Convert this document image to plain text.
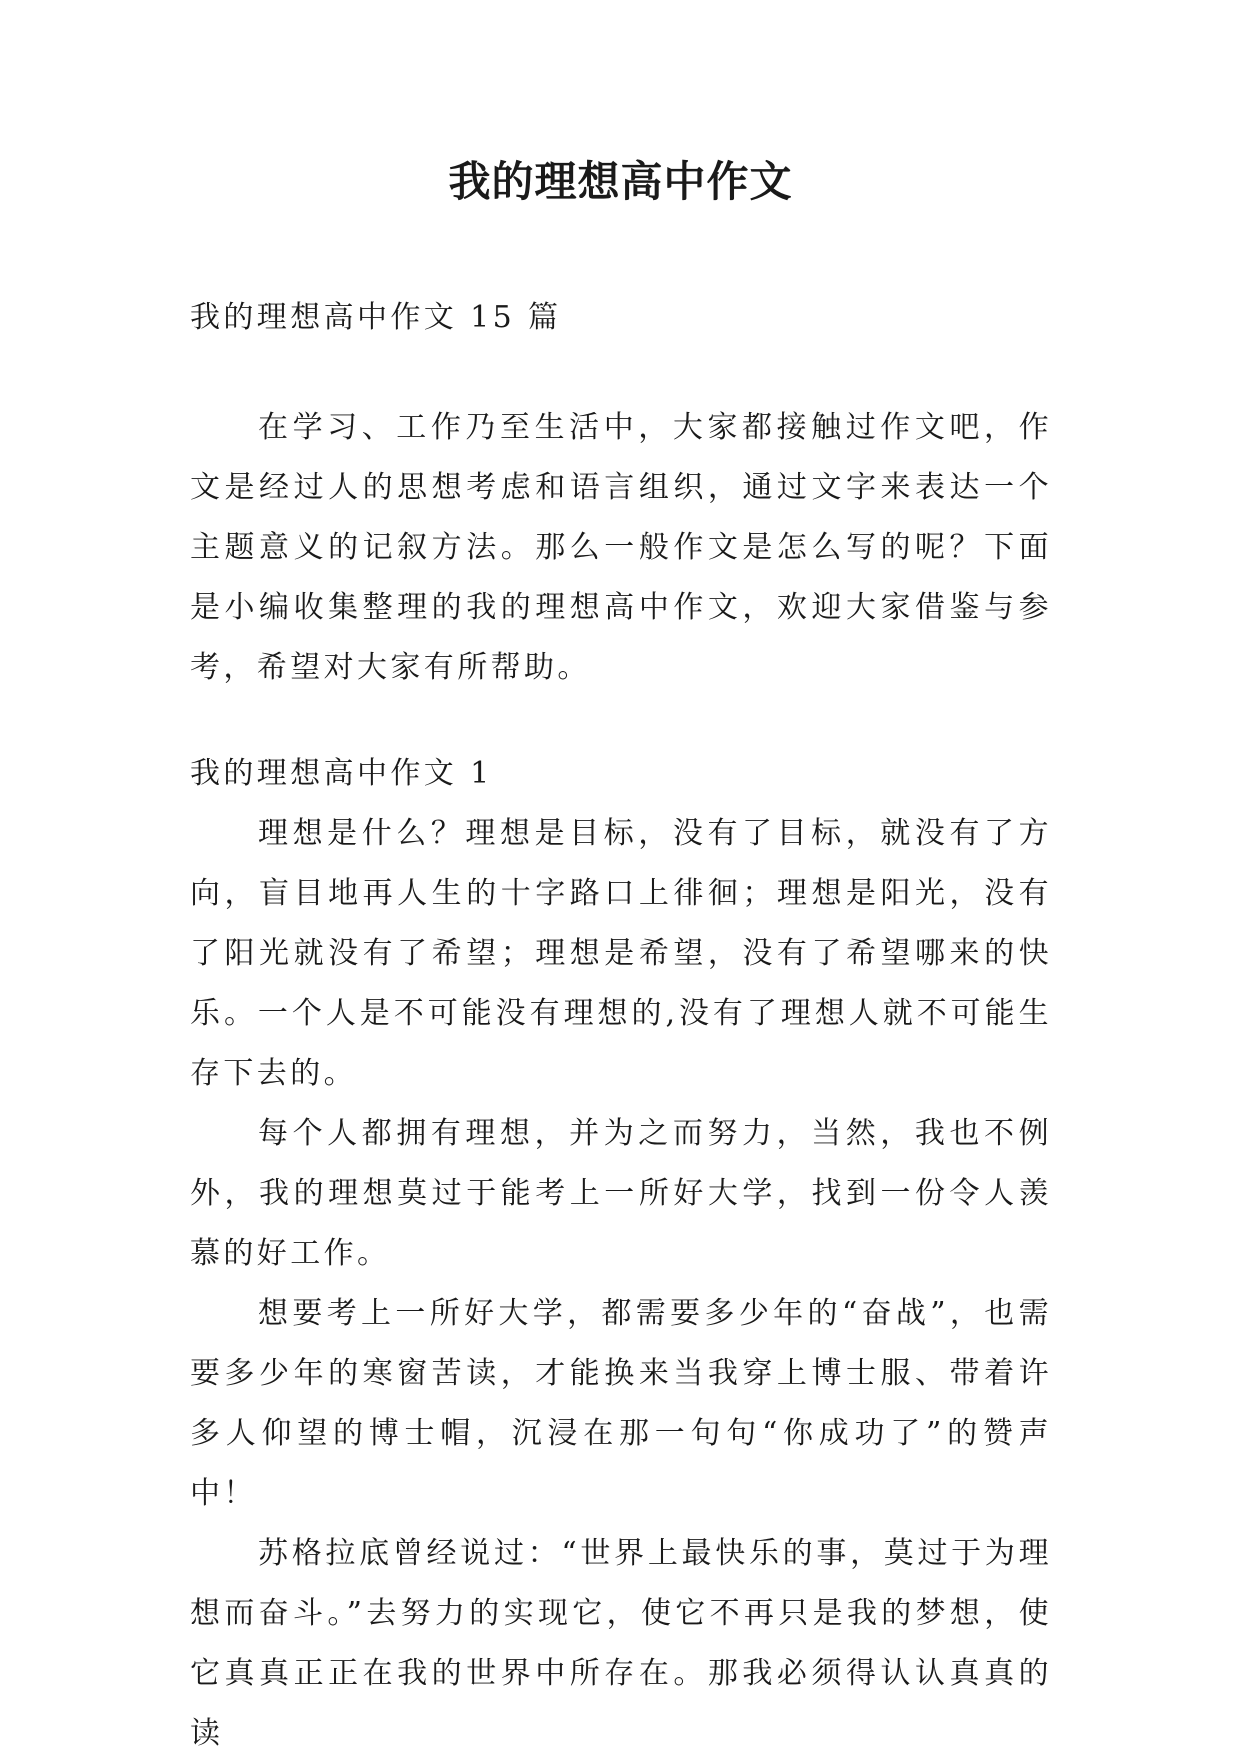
我的理想高中作文

我的理想高中作文 15 篇

在学习、工作乃至生活中，大家都接触过作文吧，作文是经过人的思想考虑和语言组织，通过文字来表达一个主题意义的记叙方法。那么一般作文是怎么写的呢？下面是小编收集整理的我的理想高中作文，欢迎大家借鉴与参考，希望对大家有所帮助。

我的理想高中作文 1

理想是什么？理想是目标，没有了目标，就没有了方向，盲目地再人生的十字路口上徘徊；理想是阳光，没有了阳光就没有了希望；理想是希望，没有了希望哪来的快乐。一个人是不可能没有理想的,没有了理想人就不可能生存下去的。

每个人都拥有理想，并为之而努力，当然，我也不例外，我的理想莫过于能考上一所好大学，找到一份令人羡慕的好工作。

想要考上一所好大学，都需要多少年的“奋战”，也需要多少年的寒窗苦读，才能换来当我穿上博士服、带着许多人仰望的博士帽，沉浸在那一句句“你成功了”的赞声中！

苏格拉底曾经说过：“世界上最快乐的事，莫过于为理想而奋斗。”去努力的实现它，使它不再只是我的梦想，使它真真正正在我的世界中所存在。那我必须得认认真真的读
